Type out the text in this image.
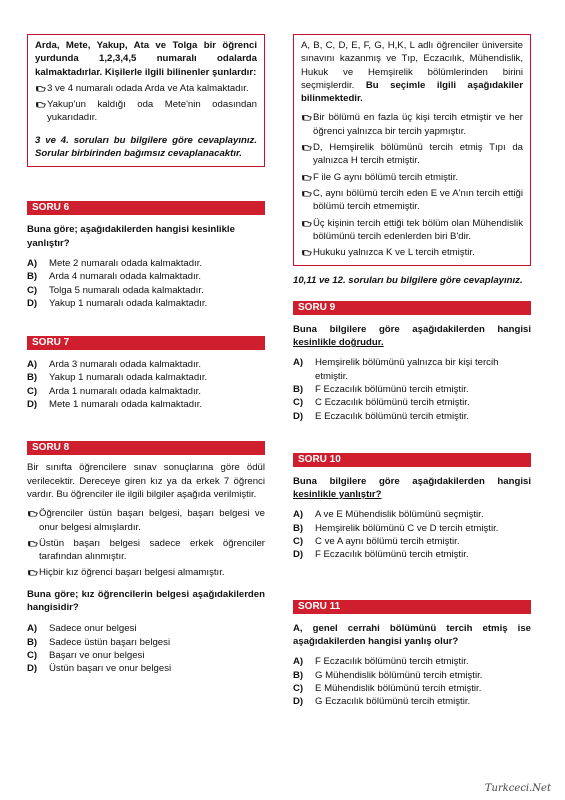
Arda, Mete, Yakup, Ata ve Tolga bir öğrenci yurdunda 1,2,3,4,5 numaralı odalarda kalmaktadırlar. Kişilerle ilgili bilinenler şunlardır:

3 ve 4 numaralı odada Arda ve Ata kalmaktadır.
Yakup'un kaldığı oda Mete'nin odasından yukarıdadır.

3 ve 4. soruları bu bilgilere göre cevaplayınız. Sorular birbirinden bağımsız cevaplanacaktır.

SORU 6
Buna göre; aşağıdakilerden hangisi kesinlikle yanlıştır?
A)	Mete 2 numaralı odada kalmaktadır.
B)	Arda 4 numaralı odada kalmaktadır.
C)	Tolga 5 numaralı odada kalmaktadır.
D)	Yakup 1 numaralı odada kalmaktadır.
SORU 7
A)	Arda 3 numaralı odada kalmaktadır.
B)	Yakup 1 numaralı odada kalmaktadır.
C)	Arda 1 numaralı odada kalmaktadır.
D)	Mete 1 numaralı odada kalmaktadır.
SORU 8

Bir sınıfta öğrencilere sınav sonuçlarına göre ödül verilecektir. Dereceye giren kız ya da erkek 7 öğrenci vardır. Bu öğrenciler ile ilgili bilgiler aşağıda verilmiştir.

Öğrenciler üstün başarı belgesi, başarı belgesi ve onur belgesi almışlardır.
Üstün başarı belgesi sadece erkek öğrenciler tarafından alınmıştır.
Hiçbir kız öğrenci başarı belgesi almamıştır.
Buna göre; kız öğrencilerin belgesi aşağıdakilerden hangisidir?
A)	Sadece onur belgesi
B)	Sadece üstün başarı belgesi
C)	Başarı ve onur belgesi
D)	Üstün başarı ve onur belgesi

A, B, C, D, E, F, G, H,K, L adlı öğrenciler üniversite sınavını kazanmış ve Tıp, Eczacılık, Mühendislik, Hukuk ve Hemşirelik bölümlerinden birini seçmişlerdir. Bu seçimle ilgili aşağıdakiler bilinmektedir.

Bir bölümü en fazla üç kişi tercih etmiştir ve her öğrenci yalnızca bir tercih yapmıştır.
D, Hemşirelik bölümünü tercih etmiş Tıpı da yalnızca H tercih etmiştir.
F ile G aynı bölümü tercih etmiştir.
C, aynı bölümü tercih eden E ve A'nın tercih ettiği bölümü tercih etmemiştir.
Üç kişinin tercih ettiği tek bölüm olan Mühendislik bölümünü tercih edenlerden biri B'dir.
Hukuku yalnızca K ve L tercih etmiştir.

10,11 ve 12. soruları bu bilgilere göre cevaplayınız.

SORU 9
Buna bilgilere göre aşağıdakilerden hangisi kesinlikle doğrudur.
A)	Hemşirelik bölümünü yalnızca bir kişi tercih etmiştir.
B)	F Eczacılık bölümünü tercih etmiştir.
C)	C Eczacılık bölümünü tercih etmiştir.
D)	E Eczacılık bölümünü tercih etmiştir.
SORU 10
Buna bilgilere göre aşağıdakilerden hangisi kesinlikle yanlıştır?
A)	A ve E Mühendislik bölümünü seçmiştir.
B)	Hemşirelik bölümünü C ve D tercih etmiştir.
C)	C ve A aynı bölümü tercih etmiştir.
D)	F Eczacılık bölümünü tercih etmiştir.
SORU 11
A, genel cerrahi bölümünü tercih etmiş ise aşağıdakilerden hangisi yanlış olur?
A)	F Eczacılık bölümünü tercih etmiştir.
B)	G Mühendislik bölümünü tercih etmiştir.
C)	E Mühendislik bölümünü tercih etmiştir.
D)	G Eczacılık bölümünü tercih etmiştir.
Turkceci.Net
